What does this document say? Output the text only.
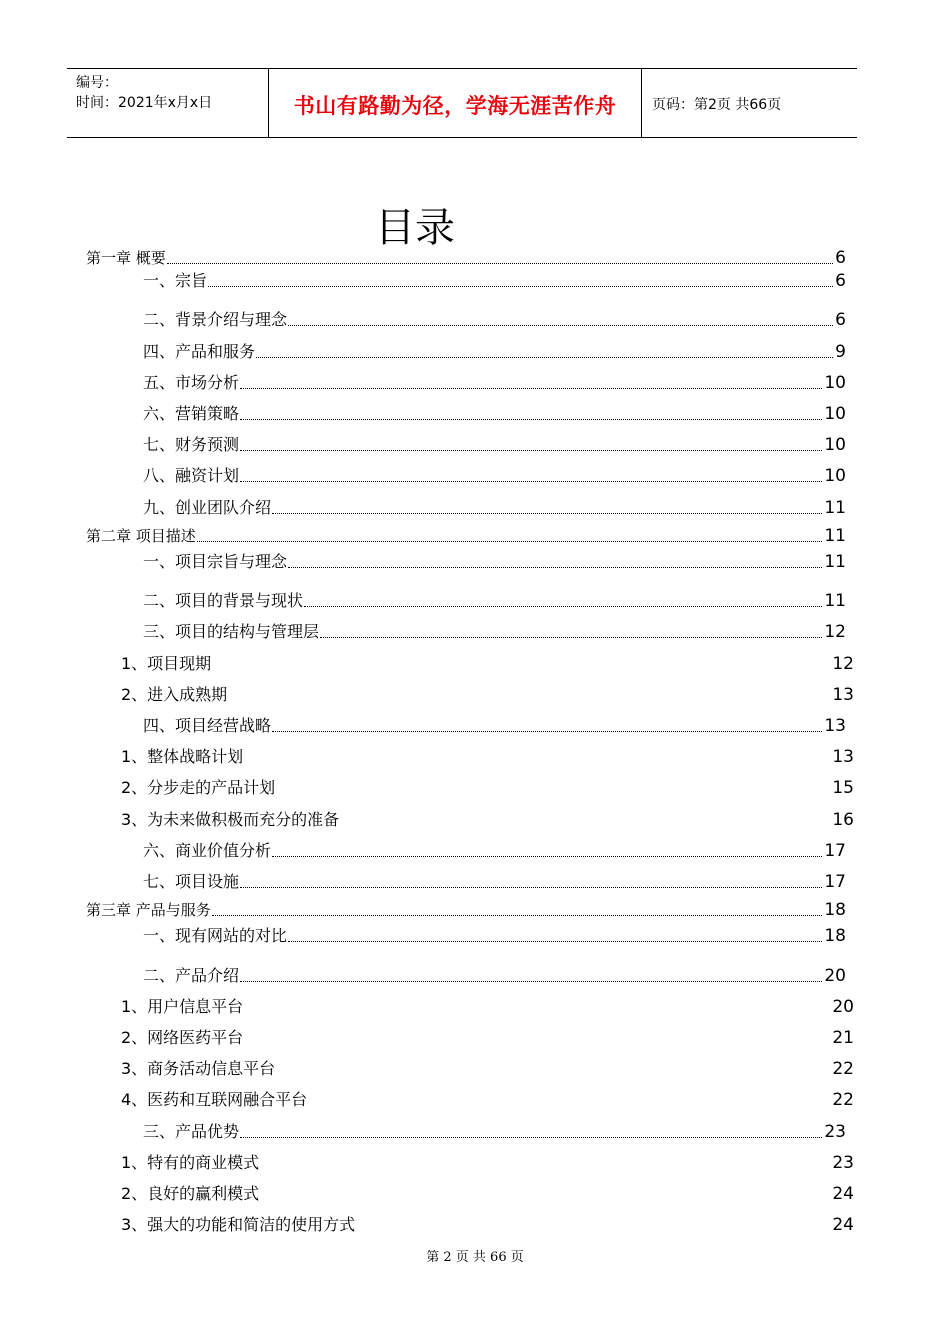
编号：
时间：2021年x月x日	书山有路勤为径，学海无涯苦作舟	页码：第2页 共66页
目录
第一章 概要	6
一、宗旨	6
二、背景介绍与理念	6
四、产品和服务	9
五、市场分析	10
六、营销策略	10
七、财务预测	10
八、融资计划	10
九、创业团队介绍	11
第二章 项目描述	11
一、项目宗旨与理念	11
二、项目的背景与现状	11
三、项目的结构与管理层	12
1、项目现期	12
2、进入成熟期	13
四、项目经营战略	13
1、整体战略计划	13
2、分步走的产品计划	15
3、为未来做积极而充分的准备	16
六、商业价值分析	17
七、项目设施	17
第三章 产品与服务	18
一、现有网站的对比	18
二、产品介绍	20
1、用户信息平台	20
2、网络医药平台	21
3、商务活动信息平台	22
4、医药和互联网融合平台	22
三、产品优势	23
1、特有的商业模式	23
2、良好的赢利模式	24
3、强大的功能和简洁的使用方式	24
第 2 页 共 66 页
